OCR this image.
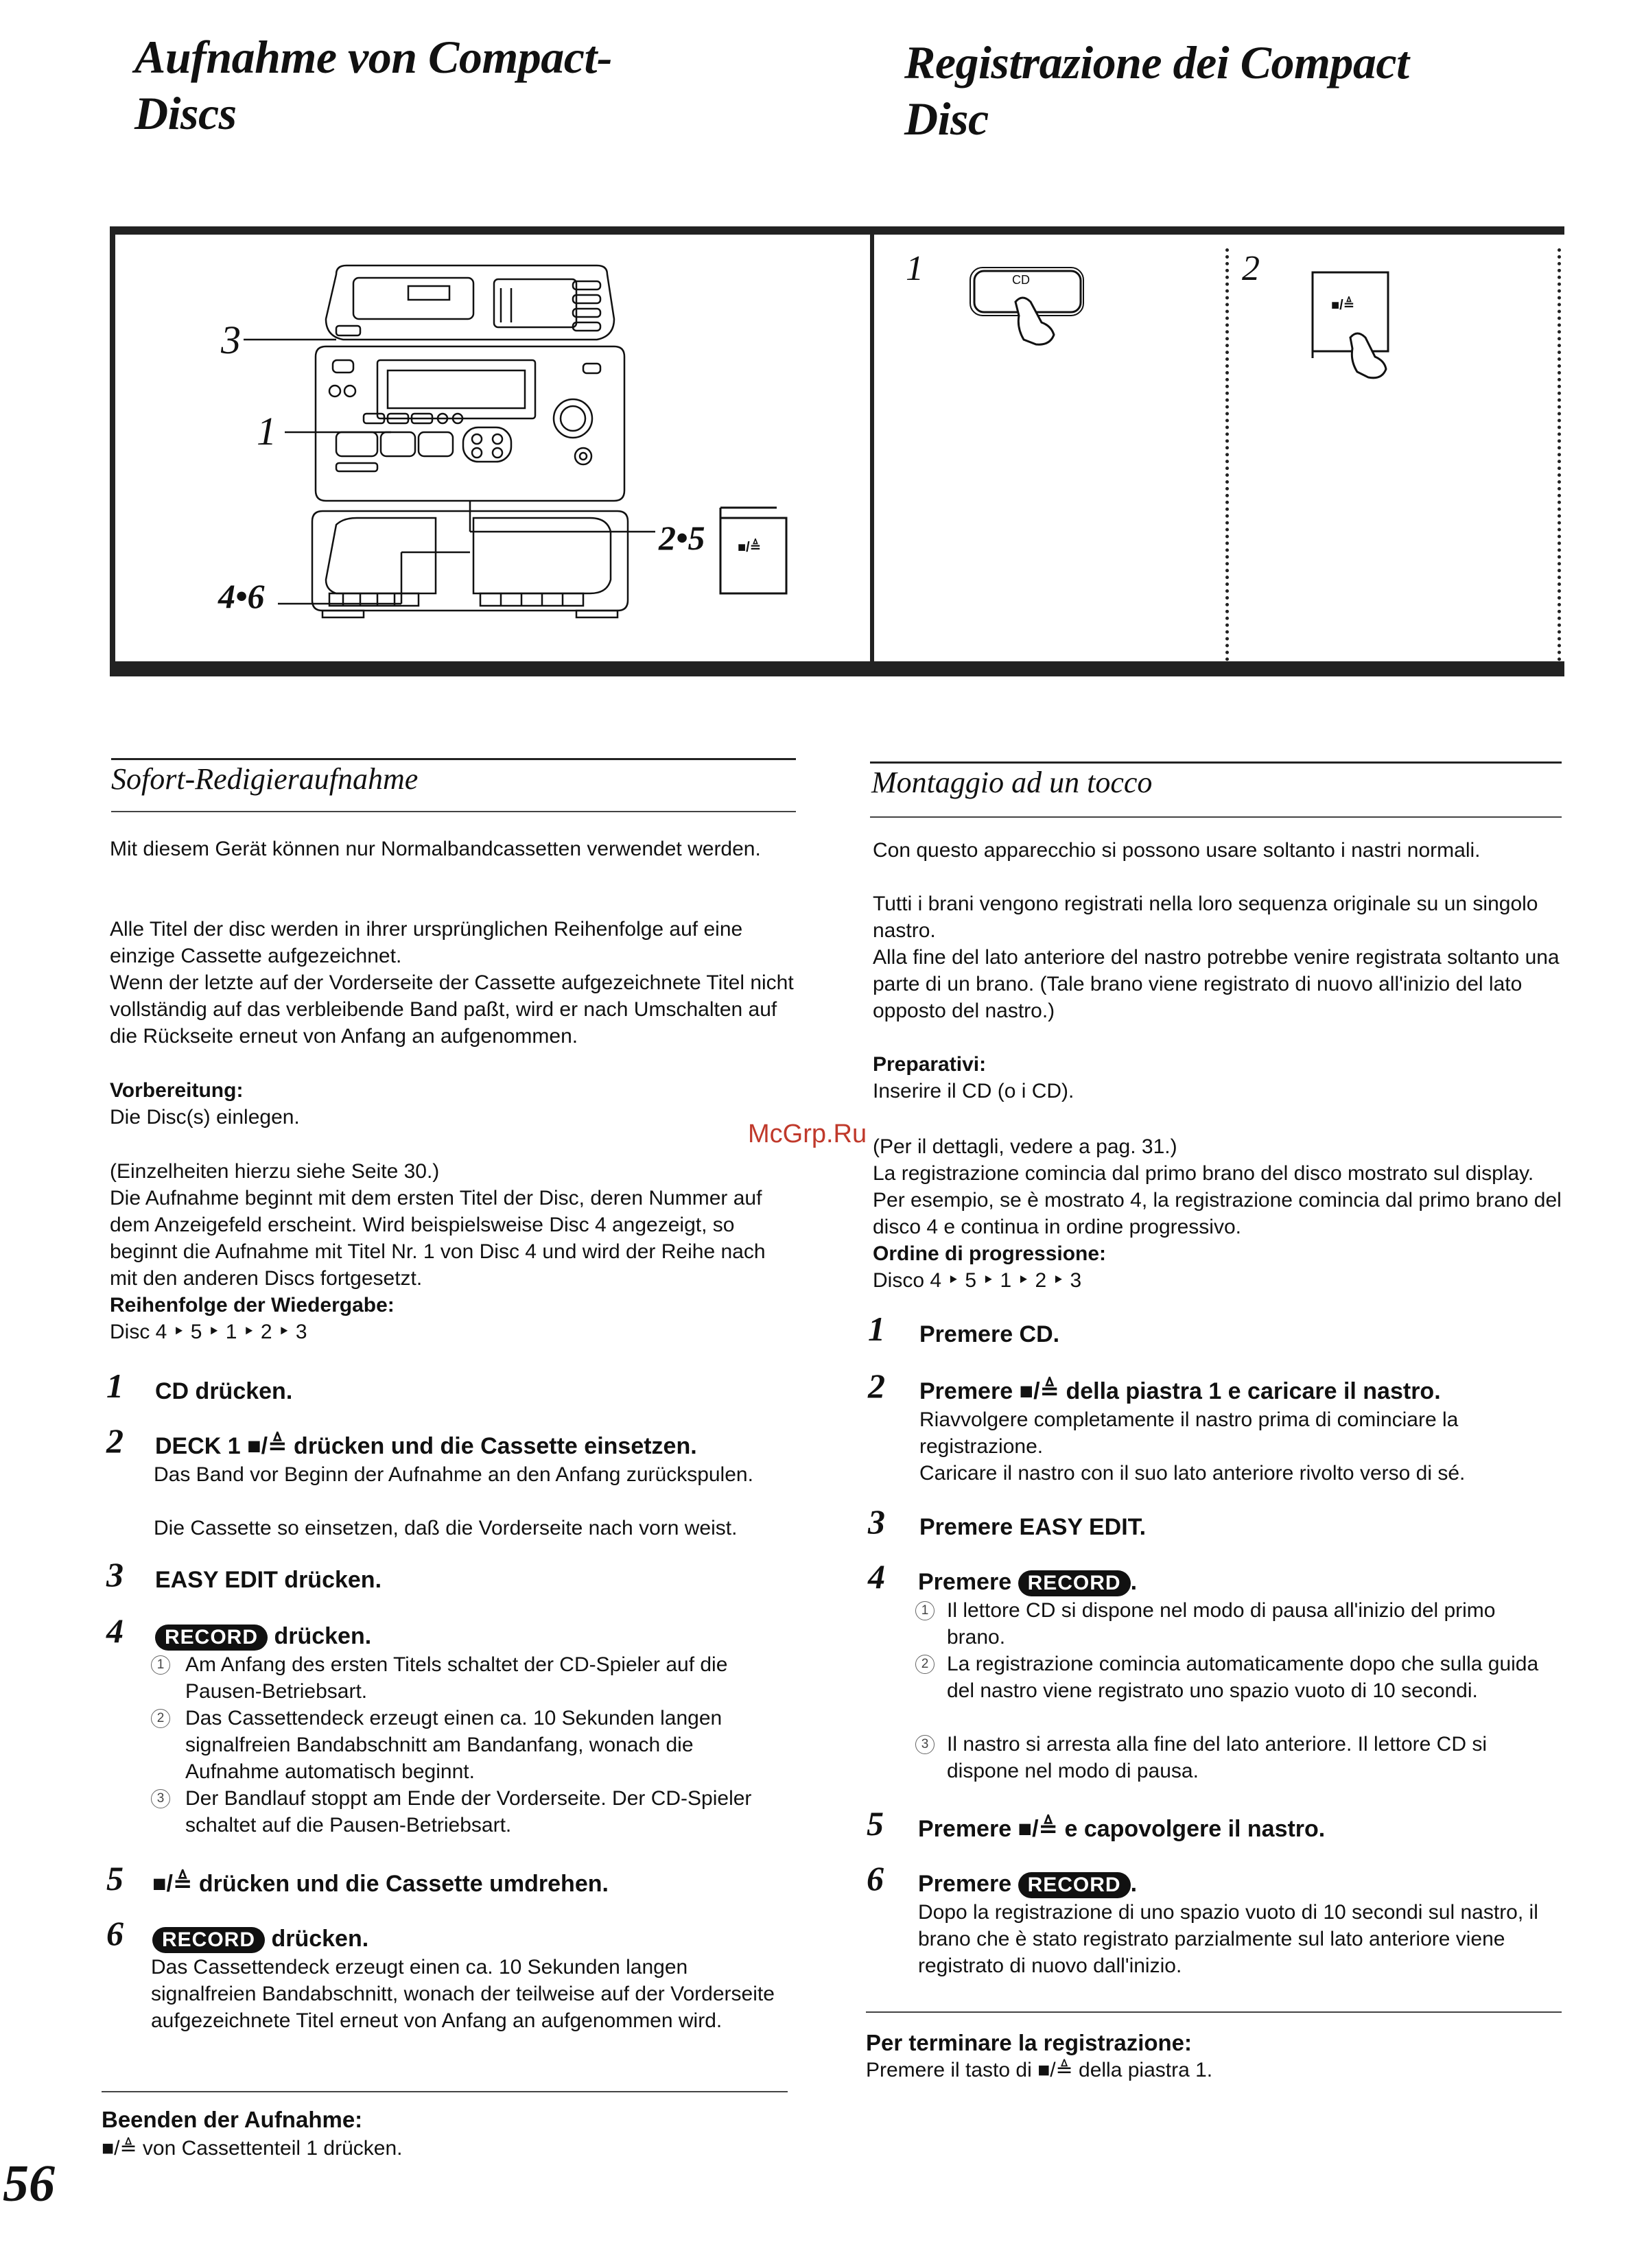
Aufnahme von Compact-
Discs
Registrazione dei Compact
Disc
3
1
4•6
2•5 ■/≜
1	CD	2
■/≜
Sofort-Redigieraufnahme
Mit diesem Gerät können nur Normalbandcassetten verwendet werden.
Alle Titel der disc werden in ihrer ursprünglichen Reihenfolge auf eine einzige Cassette aufgezeichnet.
Wenn der letzte auf der Vorderseite der Cassette aufgezeichnete Titel nicht vollständig auf das verbleibende Band paßt, wird er nach Umschalten auf die Rückseite erneut von Anfang an aufgenommen.
Vorbereitung:
Die Disc(s) einlegen.
(Einzelheiten hierzu siehe Seite 30.)
Die Aufnahme beginnt mit dem ersten Titel der Disc, deren Nummer auf dem Anzeigefeld erscheint. Wird beispielsweise Disc 4 angezeigt, so beginnt die Aufnahme mit Titel Nr. 1 von Disc 4 und wird der Reihe nach mit den anderen Discs fortgesetzt.
Reihenfolge der Wiedergabe:
Disc 4 ‣ 5 ‣ 1 ‣ 2 ‣ 3
1 CD drücken.
2 DECK 1 ■/≜ drücken und die Cassette einsetzen.
Das Band vor Beginn der Aufnahme an den Anfang zurückspulen.
Die Cassette so einsetzen, daß die Vorderseite nach vorn weist.
3 EASY EDIT drücken.
4	RECORD drücken.
1 Am Anfang des ersten Titels schaltet der CD-Spieler auf die Pausen-Betriebsart.
2 Das Cassettendeck erzeugt einen ca. 10 Sekunden langen signalfreien Bandabschnitt am Bandanfang, wonach die Aufnahme automatisch beginnt.
3 Der Bandlauf stoppt am Ende der Vorderseite. Der CD-Spieler schaltet auf die Pausen-Betriebsart.
5 ■/≜ drücken und die Cassette umdrehen.
6	RECORD drücken.
Das Cassettendeck erzeugt einen ca. 10 Sekunden langen signalfreien Bandabschnitt, wonach der teilweise auf der Vorderseite aufgezeichnete Titel erneut von Anfang an aufgenommen wird.
Beenden der Aufnahme:
■/≜ von Cassettenteil 1 drücken.
Montaggio ad un tocco
Con questo apparecchio si possono usare soltanto i nastri normali.
Tutti i brani vengono registrati nella loro sequenza originale su un singolo nastro.
Alla fine del lato anteriore del nastro potrebbe venire registrata soltanto una parte di un brano. (Tale brano viene registrato di nuovo all'inizio del lato opposto del nastro.)
Preparativi:
Inserire il CD (o i CD).
(Per il dettagli, vedere a pag. 31.)
La registrazione comincia dal primo brano del disco mostrato sul display. Per esempio, se è mostrato 4, la registrazione comincia dal primo brano del disco 4 e continua in ordine progressivo.
Ordine di progressione:
Disco 4 ‣ 5 ‣ 1 ‣ 2 ‣ 3
1 Premere CD.
2 Premere ■/≜ della piastra 1 e caricare il nastro.
Riavvolgere completamente il nastro prima di cominciare la registrazione.
Caricare il nastro con il suo lato anteriore rivolto verso di sé.
3 Premere EASY EDIT.
4 Premere RECORD .
1 Il lettore CD si dispone nel modo di pausa all'inizio del primo brano.
2 La registrazione comincia automaticamente dopo che sulla guida del nastro viene registrato uno spazio vuoto di 10 secondi.
3 Il nastro si arresta alla fine del lato anteriore. Il lettore CD si dispone nel modo di pausa.
5 Premere ■/≜ e capovolgere il nastro.
6 Premere RECORD .
Dopo la registrazione di uno spazio vuoto di 10 secondi sul nastro, il brano che è stato registrato parzialmente sul lato anteriore viene registrato di nuovo dall'inizio.
Per terminare la registrazione:
Premere il tasto di ■/≜ della piastra 1.
McGrp.Ru
56
